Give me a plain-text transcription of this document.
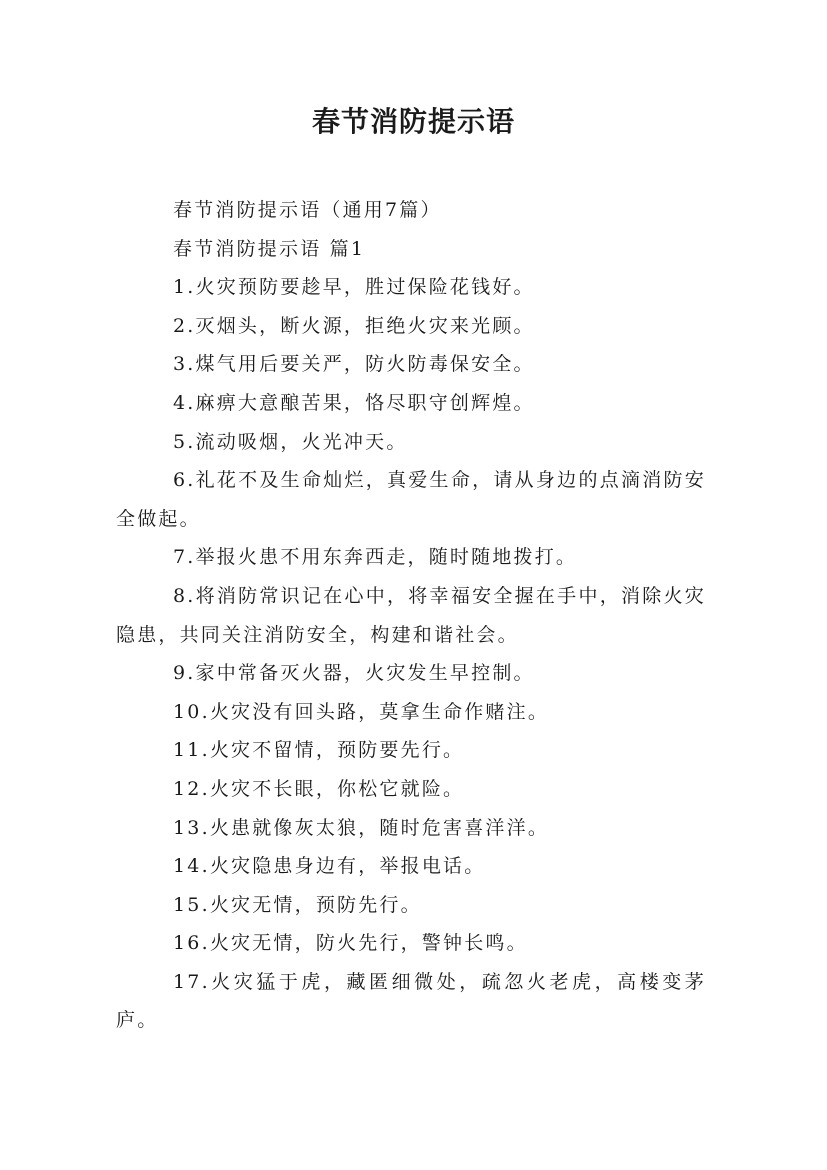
春节消防提示语

春节消防提示语（通用7篇）

春节消防提示语 篇1

1.火灾预防要趁早，胜过保险花钱好。

2.灭烟头，断火源，拒绝火灾来光顾。

3.煤气用后要关严，防火防毒保安全。

4.麻痹大意酿苦果，恪尽职守创辉煌。

5.流动吸烟，火光冲天。

6.礼花不及生命灿烂，真爱生命，请从身边的点滴消防安全做起。

7.举报火患不用东奔西走，随时随地拨打。

8.将消防常识记在心中，将幸福安全握在手中，消除火灾隐患，共同关注消防安全，构建和谐社会。

9.家中常备灭火器，火灾发生早控制。

10.火灾没有回头路，莫拿生命作赌注。

11.火灾不留情，预防要先行。

12.火灾不长眼，你松它就险。

13.火患就像灰太狼，随时危害喜洋洋。

14.火灾隐患身边有，举报电话。

15.火灾无情，预防先行。

16.火灾无情，防火先行，警钟长鸣。

17.火灾猛于虎，藏匿细微处，疏忽火老虎，高楼变茅庐。
